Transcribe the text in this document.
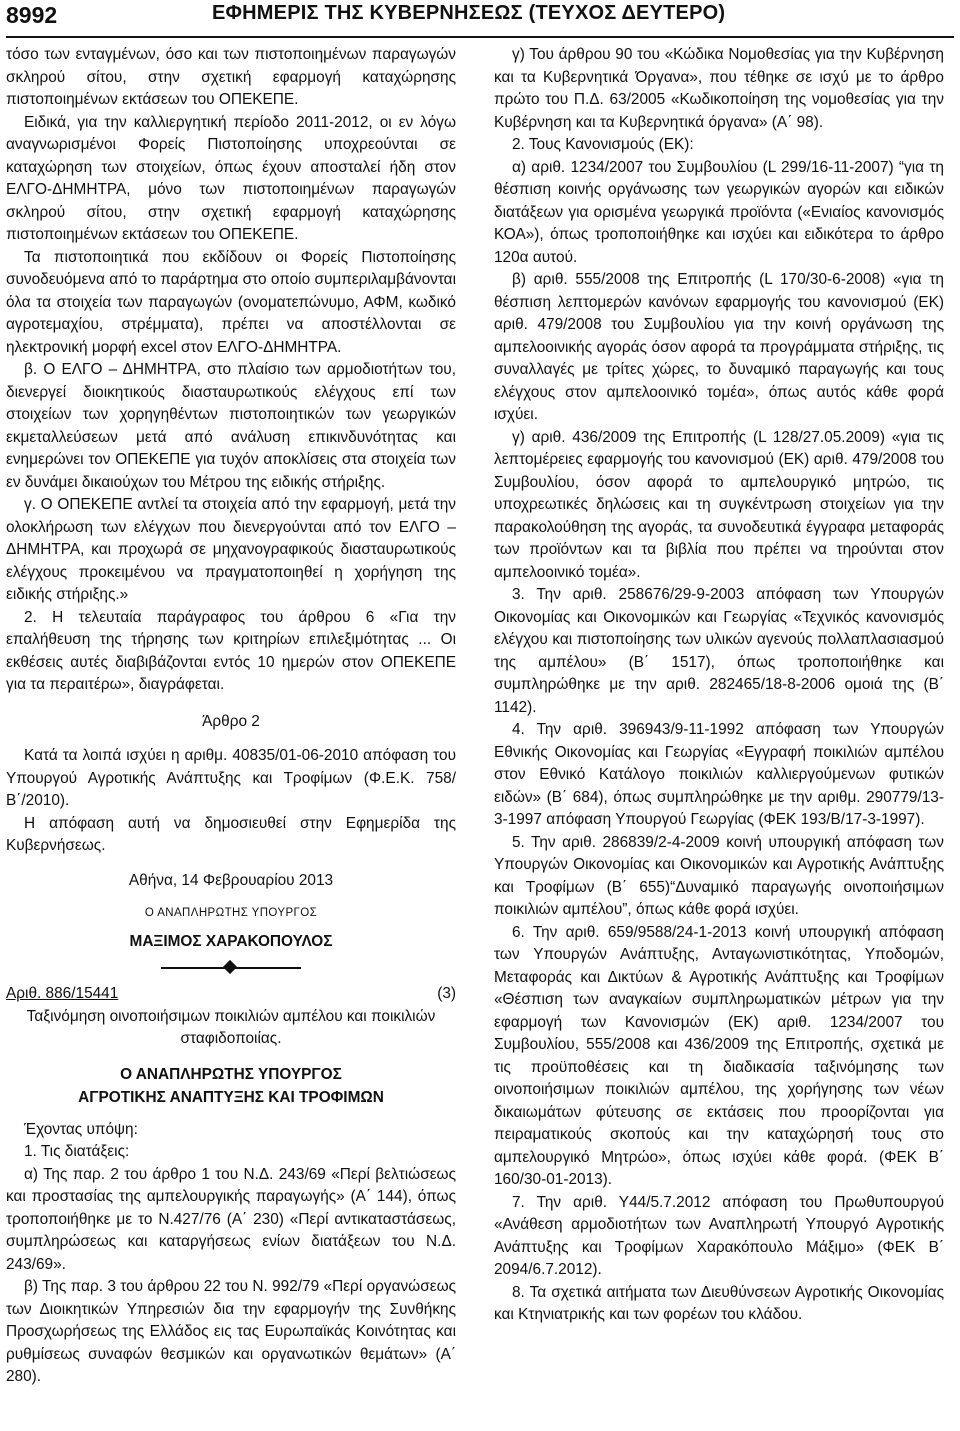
8992	ΕΦΗΜΕΡΙΣ ΤΗΣ ΚΥΒΕΡΝΗΣΕΩΣ (ΤΕΥΧΟΣ ΔΕΥΤΕΡΟ)

τόσο των ενταγμένων, όσο και των πιστοποιημένων παραγωγών σκληρού σίτου, στην σχετική εφαρμογή καταχώρησης πιστοποιημένων εκτάσεων του ΟΠΕΚΕΠΕ.

Ειδικά, για την καλλιεργητική περίοδο 2011-2012, οι εν λόγω αναγνωρισμένοι Φορείς Πιστοποίησης υποχρεούνται σε καταχώρηση των στοιχείων, όπως έχουν αποσταλεί ήδη στον ΕΛΓΟ-ΔΗΜΗΤΡΑ, μόνο των πιστοποιημένων παραγωγών σκληρού σίτου, στην σχετική εφαρμογή καταχώρησης πιστοποιημένων εκτάσεων του ΟΠΕΚΕΠΕ.

Τα πιστοποιητικά που εκδίδουν οι Φορείς Πιστοποίησης συνοδευόμενα από το παράρτημα στο οποίο συμπεριλαμβάνονται όλα τα στοιχεία των παραγωγών (ονοματεπώνυμο, ΑΦΜ, κωδικό αγροτεμαχίου, στρέμματα), πρέπει να αποστέλλονται σε ηλεκτρονική μορφή excel στον ΕΛΓΟ-ΔΗΜΗΤΡΑ.

β. Ο ΕΛΓΟ – ΔΗΜΗΤΡΑ, στο πλαίσιο των αρμοδιοτήτων του, διενεργεί διοικητικούς διασταυρωτικούς ελέγχους επί των στοιχείων των χορηγηθέντων πιστοποιητικών των γεωργικών εκμεταλλεύσεων μετά από ανάλυση επικινδυνότητας και ενημερώνει τον ΟΠΕΚΕΠΕ για τυχόν αποκλίσεις στα στοιχεία των εν δυνάμει δικαιούχων του Μέτρου της ειδικής στήριξης.

γ. Ο ΟΠΕΚΕΠΕ αντλεί τα στοιχεία από την εφαρμογή, μετά την ολοκλήρωση των ελέγχων που διενεργούνται από τον ΕΛΓΟ – ΔΗΜΗΤΡΑ, και προχωρά σε μηχανογραφικούς διασταυρωτικούς ελέγχους προκειμένου να πραγματοποιηθεί η χορήγηση της ειδικής στήριξης.»

2. Η τελευταία παράγραφος του άρθρου 6 «Για την επαλήθευση της τήρησης των κριτηρίων επιλεξιμότητας ... Οι εκθέσεις αυτές διαβιβάζονται εντός 10 ημερών στον ΟΠΕΚΕΠΕ για τα περαιτέρω», διαγράφεται.

Άρθρο 2

Κατά τα λοιπά ισχύει η αριθμ. 40835/01-06-2010 απόφαση του Υπουργού Αγροτικής Ανάπτυξης και Τροφίμων (Φ.Ε.Κ. 758/Β΄/2010).

Η απόφαση αυτή να δημοσιευθεί στην Εφημερίδα της Κυβερνήσεως.

Αθήνα, 14 Φεβρουαρίου 2013

Ο ΑΝΑΠΛΗΡΩΤΗΣ ΥΠΟΥΡΓΟΣ

ΜΑΞΙΜΟΣ ΧΑΡΑΚΟΠΟΥΛΟΣ

Αριθ. 886/15441	(3)

Ταξινόμηση οινοποιήσιμων ποικιλιών αμπέλου και ποικιλιών σταφιδοποιίας.

Ο ΑΝΑΠΛΗΡΩΤΗΣ ΥΠΟΥΡΓΟΣ
ΑΓΡΟΤΙΚΗΣ ΑΝΑΠΤΥΞΗΣ ΚΑΙ ΤΡΟΦΙΜΩΝ

Έχοντας υπόψη:

1. Τις διατάξεις:

α) Της παρ. 2 του άρθρο 1 του Ν.Δ. 243/69 «Περί βελτιώσεως και προστασίας της αμπελουργικής παραγωγής» (Α΄ 144), όπως τροποποιήθηκε με το Ν.427/76 (Α΄ 230) «Περί αντικαταστάσεως, συμπληρώσεως και καταργήσεως ενίων διατάξεων του Ν.Δ. 243/69».

β) Της παρ. 3 του άρθρου 22 του Ν. 992/79 «Περί οργανώσεως των Διοικητικών Υπηρεσιών δια την εφαρμογήν της Συνθήκης Προσχωρήσεως της Ελλάδος εις τας Ευρωπαϊκάς Κοινότητας και ρυθμίσεως συναφών θεσμικών και οργανωτικών θεμάτων» (Α΄ 280).

γ) Του άρθρου 90 του «Κώδικα Νομοθεσίας για την Κυβέρνηση και τα Κυβερνητικά Όργανα», που τέθηκε σε ισχύ με το άρθρο πρώτο του Π.Δ. 63/2005 «Κωδικοποίηση της νομοθεσίας για την Κυβέρνηση και τα Κυβερνητικά όργανα» (Α΄ 98).

2. Τους Κανονισμούς (ΕΚ):

α) αριθ. 1234/2007 του Συμβουλίου (L 299/16-11-2007) “για τη θέσπιση κοινής οργάνωσης των γεωργικών αγορών και ειδικών διατάξεων για ορισμένα γεωργικά προϊόντα («Ενιαίος κανονισμός ΚΟΑ»), όπως τροποποιήθηκε και ισχύει και ειδικότερα το άρθρο 120α αυτού.

β) αριθ. 555/2008 της Επιτροπής (L 170/30-6-2008) «για τη θέσπιση λεπτομερών κανόνων εφαρμογής του κανονισμού (ΕΚ) αριθ. 479/2008 του Συμβουλίου για την κοινή οργάνωση της αμπελοοινικής αγοράς όσον αφορά τα προγράμματα στήριξης, τις συναλλαγές με τρίτες χώρες, το δυναμικό παραγωγής και τους ελέγχους στον αμπελοοινικό τομέα», όπως αυτός κάθε φορά ισχύει.

γ) αριθ. 436/2009 της Επιτροπής (L 128/27.05.2009) «για τις λεπτομέρειες εφαρμογής του κανονισμού (ΕΚ) αριθ. 479/2008 του Συμβουλίου, όσον αφορά το αμπελουργικό μητρώο, τις υποχρεωτικές δηλώσεις και τη συγκέντρωση στοιχείων για την παρακολούθηση της αγοράς, τα συνοδευτικά έγγραφα μεταφοράς των προϊόντων και τα βιβλία που πρέπει να τηρούνται στον αμπελοοινικό τομέα».

3. Την αριθ. 258676/29-9-2003 απόφαση των Υπουργών Οικονομίας και Οικονομικών και Γεωργίας «Τεχνικός κανονισμός ελέγχου και πιστοποίησης των υλικών αγενούς πολλαπλασιασμού της αμπέλου» (Β΄ 1517), όπως τροποποιήθηκε και συμπληρώθηκε με την αριθ. 282465/18-8-2006 ομοιά της (Β΄ 1142).

4. Την αριθ. 396943/9-11-1992 απόφαση των Υπουργών Εθνικής Οικονομίας και Γεωργίας «Εγγραφή ποικιλιών αμπέλου στον Εθνικό Κατάλογο ποικιλιών καλλιεργούμενων φυτικών ειδών» (Β΄ 684), όπως συμπληρώθηκε με την αριθμ. 290779/13-3-1997 απόφαση Υπουργού Γεωργίας (ΦΕΚ 193/Β/17-3-1997).

5. Την αριθ. 286839/2-4-2009 κοινή υπουργική απόφαση των Υπουργών Οικονομίας και Οικονομικών και Αγροτικής Ανάπτυξης και Τροφίμων (Β΄ 655)“Δυναμικό παραγωγής οινοποιήσιμων ποικιλιών αμπέλου”, όπως κάθε φορά ισχύει.

6. Την αριθ. 659/9588/24-1-2013 κοινή υπουργική απόφαση των Υπουργών Ανάπτυξης, Ανταγωνιστικότητας, Υποδομών, Μεταφοράς και Δικτύων & Αγροτικής Ανάπτυξης και Τροφίμων «Θέσπιση των αναγκαίων συμπληρωματικών μέτρων για την εφαρμογή των Κανονισμών (ΕΚ) αριθ. 1234/2007 του Συμβουλίου, 555/2008 και 436/2009 της Επιτροπής, σχετικά με τις προϋποθέσεις και τη διαδικασία ταξινόμησης των οινοποιήσιμων ποικιλιών αμπέλου, της χορήγησης των νέων δικαιωμάτων φύτευσης σε εκτάσεις που προορίζονται για πειραματικούς σκοπούς και την καταχώρησή τους στο αμπελουργικό Μητρώο», όπως ισχύει κάθε φορά. (ΦΕΚ Β΄ 160/30-01-2013).

7. Την αριθ. Υ44/5.7.2012 απόφαση του Πρωθυπουργού «Ανάθεση αρμοδιοτήτων των Αναπληρωτή Υπουργό Αγροτικής Ανάπτυξης και Τροφίμων Χαρακόπουλο Μάξιμο» (ΦΕΚ Β΄ 2094/6.7.2012).

8. Τα σχετικά αιτήματα των Διευθύνσεων Αγροτικής Οικονομίας και Κτηνιατρικής και των φορέων του κλάδου.
